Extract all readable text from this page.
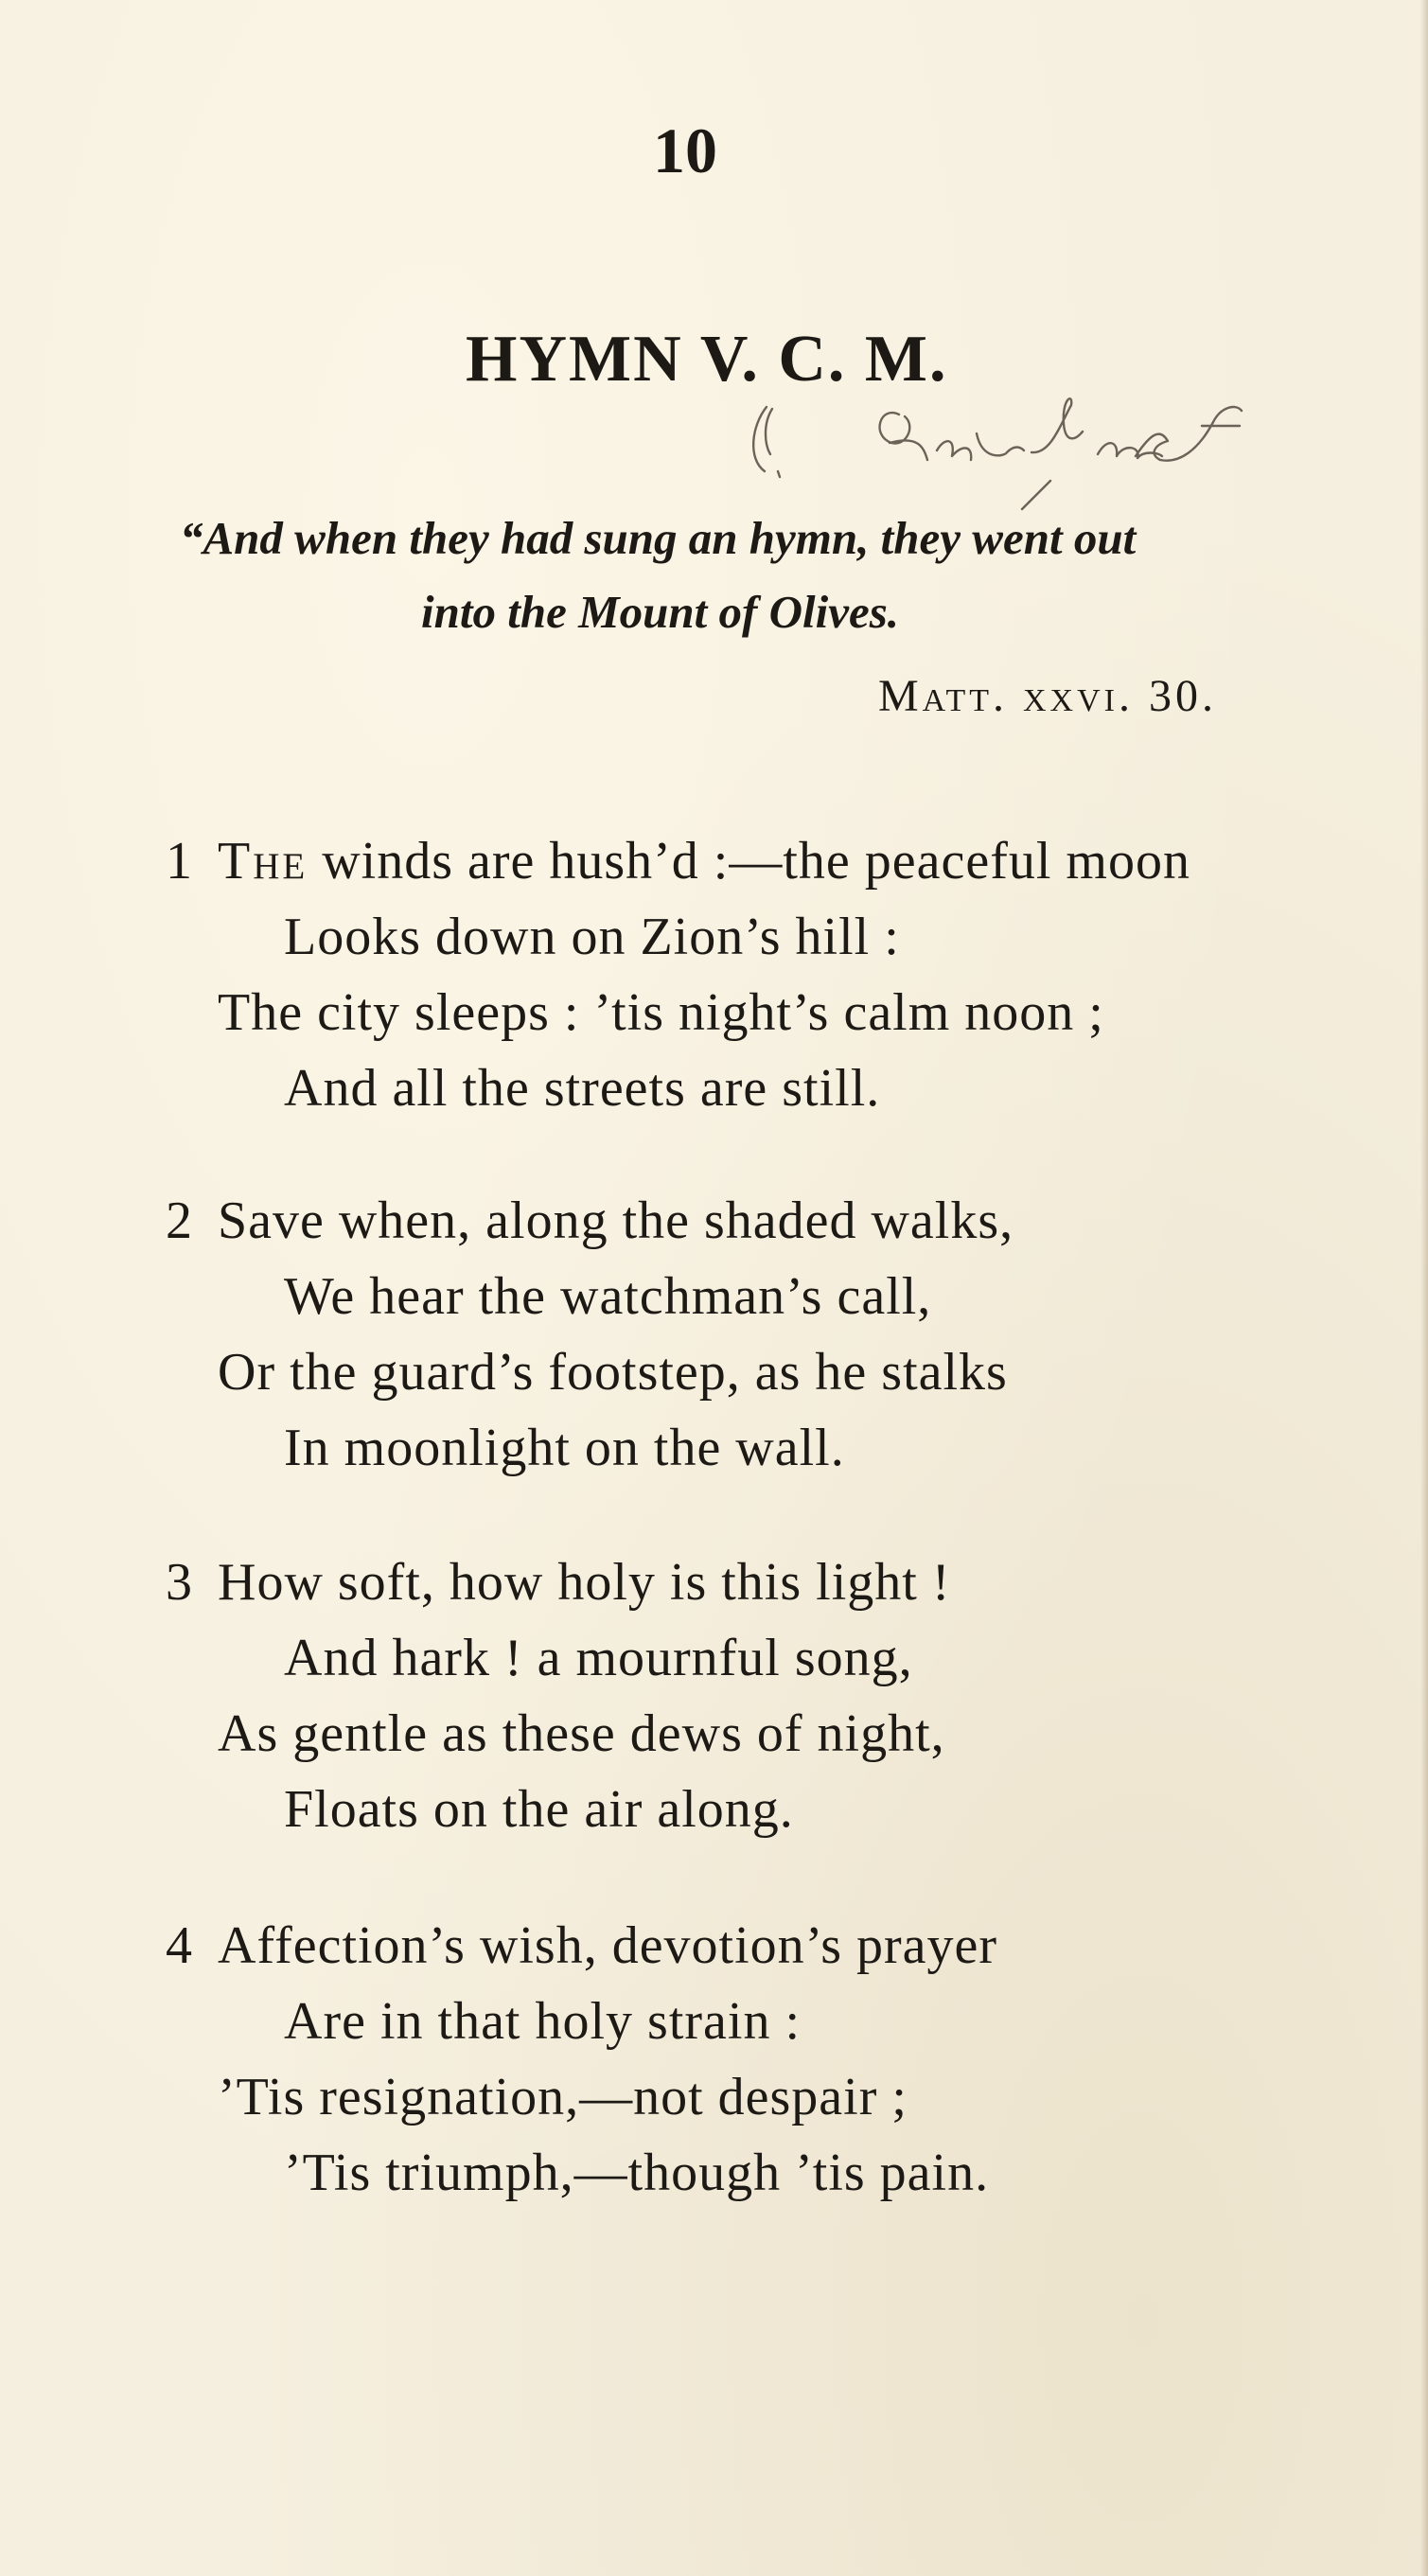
10
HYMN V. C. M.
“And when they had sung an hymn, they went out
into the Mount of Olives.
Matt. xxvi. 30.
1 The winds are hush’d :—the peaceful moon
Looks down on Zion’s hill :
The city sleeps : ’tis night’s calm noon ;
And all the streets are still.
2 Save when, along the shaded walks,
We hear the watchman’s call,
Or the guard’s footstep, as he stalks
In moonlight on the wall.
3 How soft, how holy is this light !
And hark ! a mournful song,
As gentle as these dews of night,
Floats on the air along.
4 Affection’s wish, devotion’s prayer
Are in that holy strain :
’Tis resignation,—not despair ;
’Tis triumph,—though ’tis pain.
